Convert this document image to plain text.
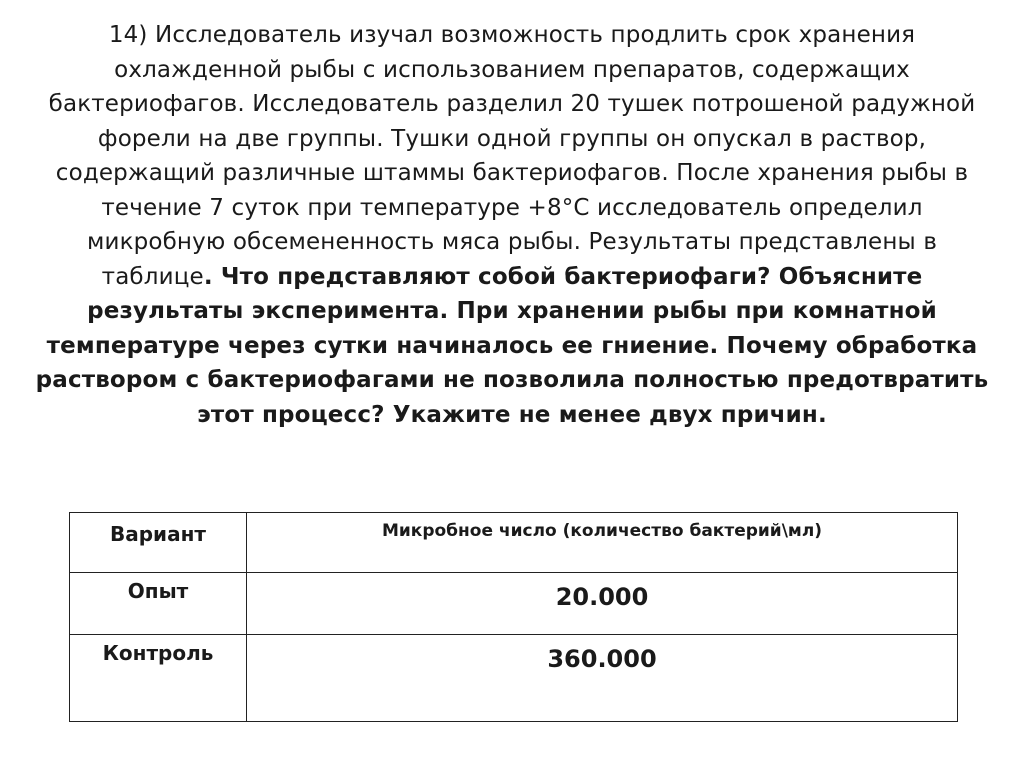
14) Исследователь изучал возможность продлить срок хранения охлажденной рыбы с использованием препаратов, содержащих бактериофагов. Исследователь разделил 20 тушек потрошеной радужной форели на две группы. Тушки одной группы он опускал в раствор, содержащий различные штаммы бактериофагов. После хранения рыбы в течение 7 суток при температуре +8°С исследователь определил микробную обсемененность мяса рыбы. Результаты представлены в таблице. Что представляют собой бактериофаги? Объясните результаты эксперимента. При хранении рыбы при комнатной температуре через сутки начиналось ее гниение. Почему обработка раствором с бактериофагами не позволила полностью предотвратить этот процесс? Укажите не менее двух причин.

Вариант	Микробное число (количество бактерий\мл)

Опыт	20.000

Контроль	360.000
